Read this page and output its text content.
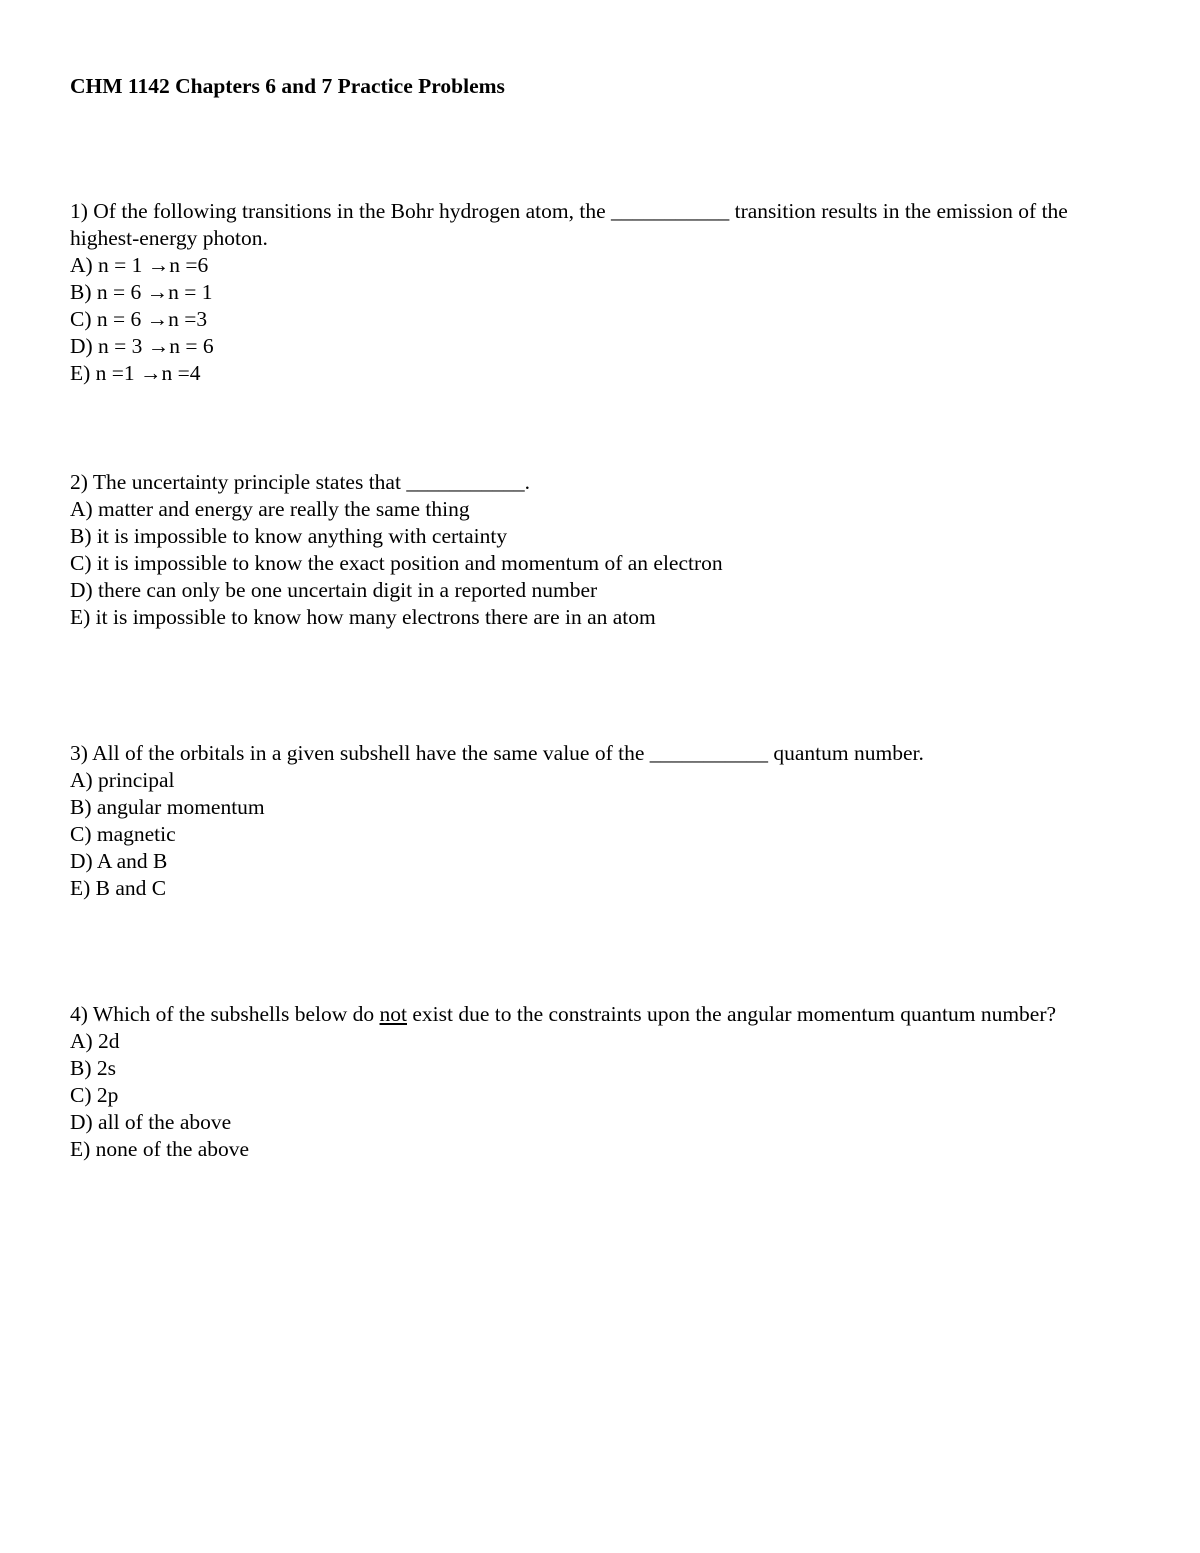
CHM 1142 Chapters 6 and 7 Practice Problems

1) Of the following transitions in the Bohr hydrogen atom, the ___________ transition results in the emission of the highest-energy photon.

A) n = 1 →n =6
B) n = 6 →n = 1
C) n = 6 →n =3
D) n = 3 →n = 6
E) n =1 →n =4

2) The uncertainty principle states that ___________.

A) matter and energy are really the same thing
B) it is impossible to know anything with certainty
C) it is impossible to know the exact position and momentum of an electron
D) there can only be one uncertain digit in a reported number
E) it is impossible to know how many electrons there are in an atom

3) All of the orbitals in a given subshell have the same value of the ___________ quantum number.

A) principal
B) angular momentum
C) magnetic
D) A and B
E) B and C

4) Which of the subshells below do not exist due to the constraints upon the angular momentum quantum number?

A) 2d
B) 2s
C) 2p
D) all of the above
E) none of the above
